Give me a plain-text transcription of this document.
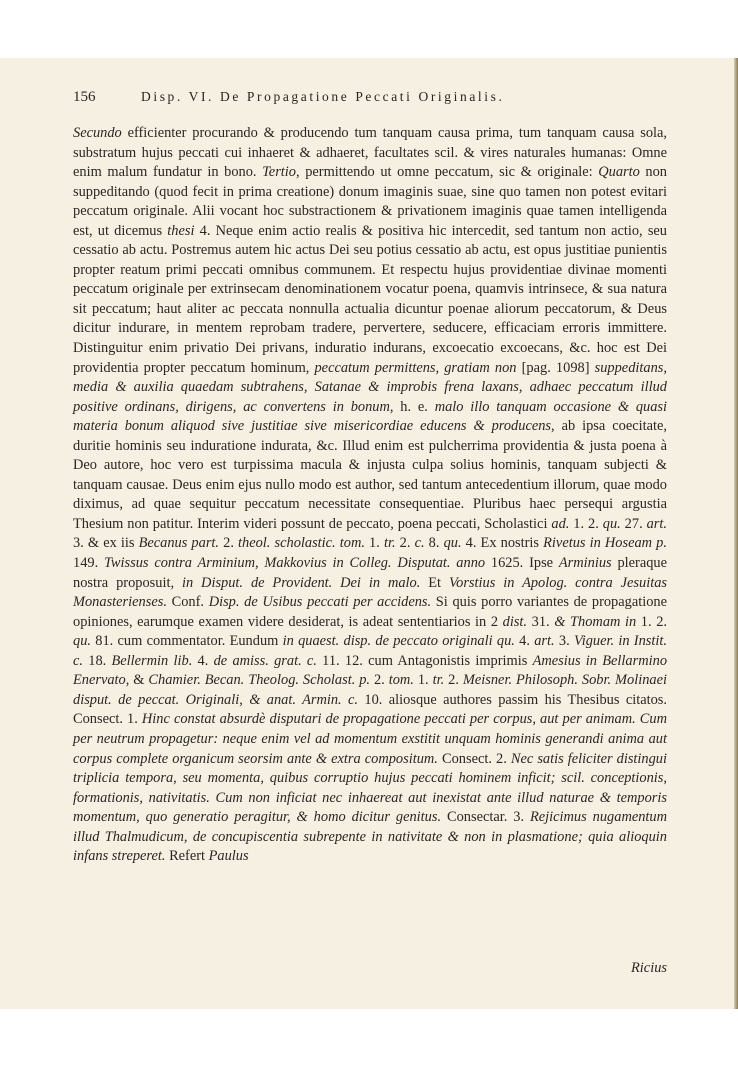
156	Disp. VI. De Propagatione Peccati Originalis.
Secundo efficienter procurando & producendo tum tanquam causa prima, tum tanquam causa sola, substratum hujus peccati cui inhaeret & adhaeret, facultates scil. & vires naturales humanas: Omne enim malum fundatur in bono. Tertio, permittendo ut omne peccatum, sic & originale: Quarto non suppeditando (quod fecit in prima creatione) donum imaginis suae, sine quo tamen non potest evitari peccatum originale. Alii vocant hoc substractionem & privationem imaginis quae tamen intelligenda est, ut dicemus thesi 4. Neque enim actio realis & positiva hic intercedit, sed tantum non actio, seu cessatio ab actu. Postremus autem hic actus Dei seu potius cessatio ab actu, est opus justitiae punientis propter reatum primi peccati omnibus communem. Et respectu hujus providentiae divinae momenti peccatum originale per extrinsecam denominationem vocatur poena, quamvis intrinsece, & sua natura sit peccatum; haut aliter ac peccata nonnulla actualia dicuntur poenae aliorum peccatorum, & Deus dicitur indurare, in mentem reprobam tradere, pervertere, seducere, efficaciam erroris immittere. Distinguitur enim privatio Dei privans, induratio indurans, excoecatio excoecans, &c. hoc est Dei providentia propter peccatum hominum, peccatum permittens, gratiam non [pag. 1098] suppeditans, media & auxilia quaedam subtrahens, Satanae & improbis frena laxans, adhaec peccatum illud positive ordinans, dirigens, ac convertens in bonum, h. e. malo illo tanquam occasione & quasi materia bonum aliquod sive justitiae sive misericordiae educens & producens, ab ipsa coecitate, duritie hominis seu induratione indurata, &c. Illud enim est pulcherrima providentia & justa poena à Deo autore, hoc vero est turpissima macula & injusta culpa solius hominis, tanquam subjecti & tanquam causae. Deus enim ejus nullo modo est author, sed tantum antecedentium illorum, quae modo diximus, ad quae sequitur peccatum necessitate consequentiae. Pluribus haec persequi argustia Thesium non patitur. Interim videri possunt de peccato, poena peccati, Scholastici ad. 1. 2. qu. 27. art. 3. & ex iis Becanus part. 2. theol. scholastic. tom. 1. tr. 2. c. 8. qu. 4. Ex nostris Rivetus in Hoseam p. 149. Twissus contra Arminium, Makkovius in Colleg. Disputat. anno 1625. Ipse Arminius pleraque nostra proposuit, in Disput. de Provident. Dei in malo. Et Vorstius in Apolog. contra Jesuitas Monasterienses. Conf. Disp. de Usibus peccati per accidens. Si quis porro variantes de propagatione opiniones, earumque examen videre desiderat, is adeat sententiarios in 2 dist. 31. & Thomam in 1. 2. qu. 81. cum commentator. Eundum in quaest. disp. de peccato originali qu. 4. art. 3. Viguer. in Instit. c. 18. Bellermin lib. 4. de amiss. grat. c. 11. 12. cum Antagonistis imprimis Amesius in Bellarmino Enervato, & Chamier. Becan. Theolog. Scholast. p. 2. tom. 1. tr. 2. Meisner. Philosoph. Sobr. Molinaei disput. de peccat. Originali, & anat. Armin. c. 10. aliosque authores passim his Thesibus citatos. Consect. 1. Hinc constat absurdè disputari de propagatione peccati per corpus, aut per animam. Cum per neutrum propagetur: neque enim vel ad momentum exstitit unquam hominis generandi anima aut corpus complete organicum seorsim ante & extra compositum. Consect. 2. Nec satis feliciter distingui triplicia tempora, seu momenta, quibus corruptio hujus peccati hominem inficit; scil. conceptionis, formationis, nativitatis. Cum non inficiat nec inhaereat aut inexistat ante illud naturae & temporis momentum, quo generatio peragitur, & homo dicitur genitus. Consectar. 3. Rejicimus nugamentum illud Thalmudicum, de concupiscentia subrepente in nativitate & non in plasmatione; quia alioquin infans streperet. Refert Paulus
Ricius
